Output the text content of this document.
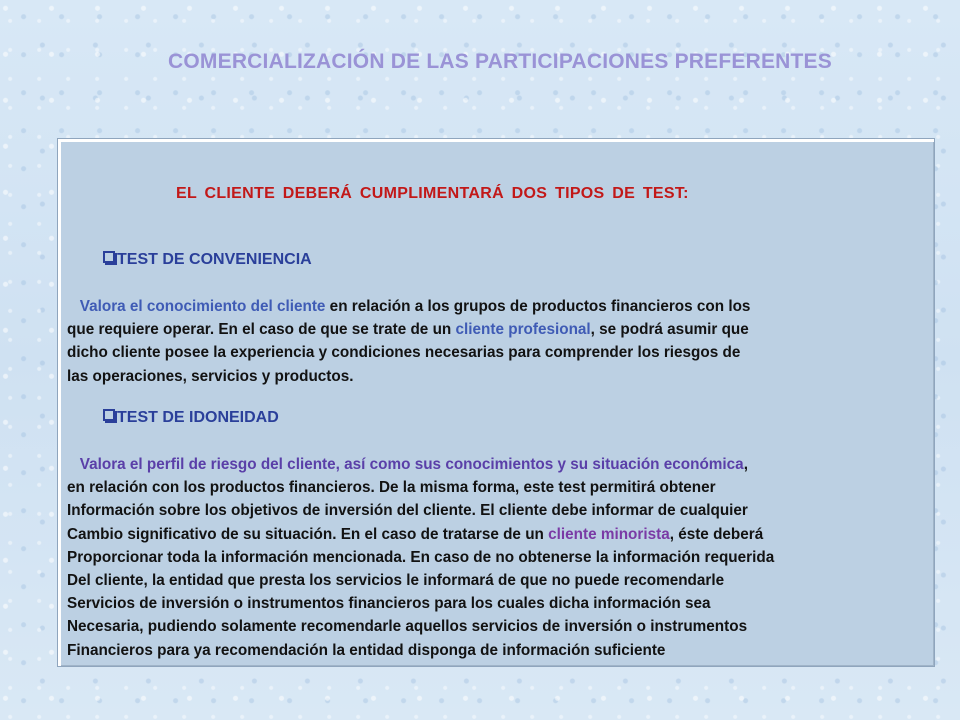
COMERCIALIZACIÓN DE LAS PARTICIPACIONES PREFERENTES
EL CLIENTE DEBERÁ CUMPLIMENTARÁ DOS TIPOS DE TEST:
TEST DE CONVENIENCIA

Valora el conocimiento del cliente en relación a los grupos de productos financieros con los
que requiere operar. En el caso de que se trate de un cliente profesional, se podrá asumir que
dicho cliente posee la experiencia y condiciones necesarias para comprender los riesgos de
las operaciones, servicios y productos.

TEST DE IDONEIDAD

Valora el perfil de riesgo del cliente, así como sus conocimientos y su situación económica,
en relación con los productos financieros. De la misma forma, este test permitirá obtener
Información sobre los objetivos de inversión del cliente. El cliente debe informar de cualquier
Cambio significativo de su situación. En el caso de tratarse de un cliente minorista, éste deberá
Proporcionar toda la información mencionada. En caso de no obtenerse la información requerida
Del cliente, la entidad que presta los servicios le informará de que no puede recomendarle
Servicios de inversión o instrumentos financieros para los cuales dicha información sea
Necesaria, pudiendo solamente recomendarle aquellos servicios de inversión o instrumentos
Financieros para ya recomendación la entidad disponga de información suficiente
